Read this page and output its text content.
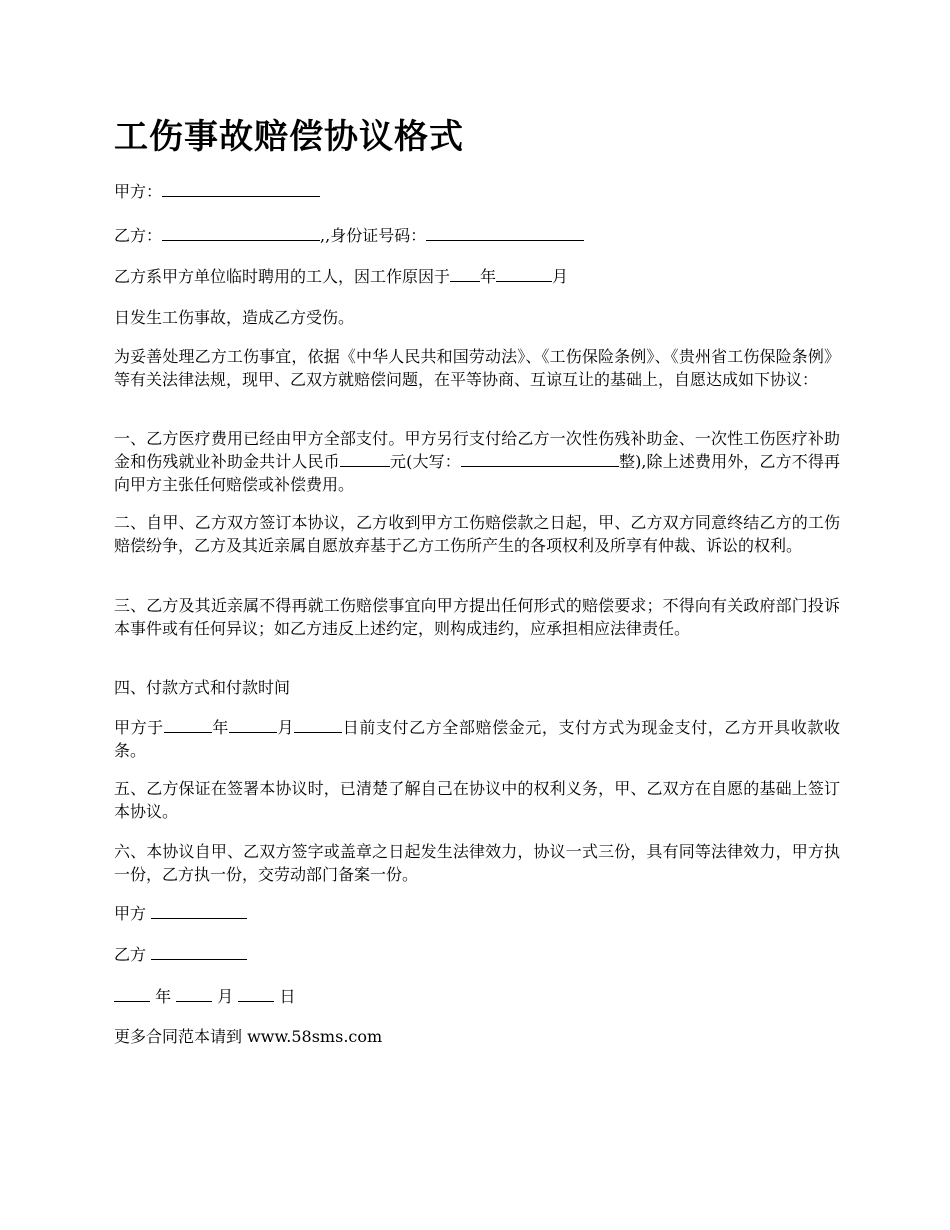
工伤事故赔偿协议格式

甲方：

乙方：	,,身份证号码：

乙方系甲方单位临时聘用的工人，因工作原因于 年	月

日发生工伤事故，造成乙方受伤。

为妥善处理乙方工伤事宜，依据《中华人民共和国劳动法》、《工伤保险条例》、《贵州省工伤保险条例》等有关法律法规，现甲、乙双方就赔偿问题，在平等协商、互谅互让的基础上，自愿达成如下协议：

一、乙方医疗费用已经由甲方全部支付。甲方另行支付给乙方一次性伤残补助金、一次性工伤医疗补助金和伤残就业补助金共计人民币	元(大写：	整),除上述费用外，乙方不得再向甲方主张任何赔偿或补偿费用。

二、自甲、乙方双方签订本协议，乙方收到甲方工伤赔偿款之日起，甲、乙方双方同意终结乙方的工伤赔偿纷争，乙方及其近亲属自愿放弃基于乙方工伤所产生的各项权利及所享有仲裁、诉讼的权利。

三、乙方及其近亲属不得再就工伤赔偿事宜向甲方提出任何形式的赔偿要求；不得向有关政府部门投诉本事件或有任何异议；如乙方违反上述约定，则构成违约，应承担相应法律责任。

四、付款方式和付款时间

甲方于	年	月	日前支付乙方全部赔偿金元，支付方式为现金支付，乙方开具收款收条。

五、乙方保证在签署本协议时，已清楚了解自己在协议中的权利义务，甲、乙双方在自愿的基础上签订本协议。

六、本协议自甲、乙双方签字或盖章之日起发生法律效力，协议一式三份，具有同等法律效力，甲方执一份，乙方执一份，交劳动部门备案一份。

甲方

乙方

年	月	日

更多合同范本请到 www.58sms.com
